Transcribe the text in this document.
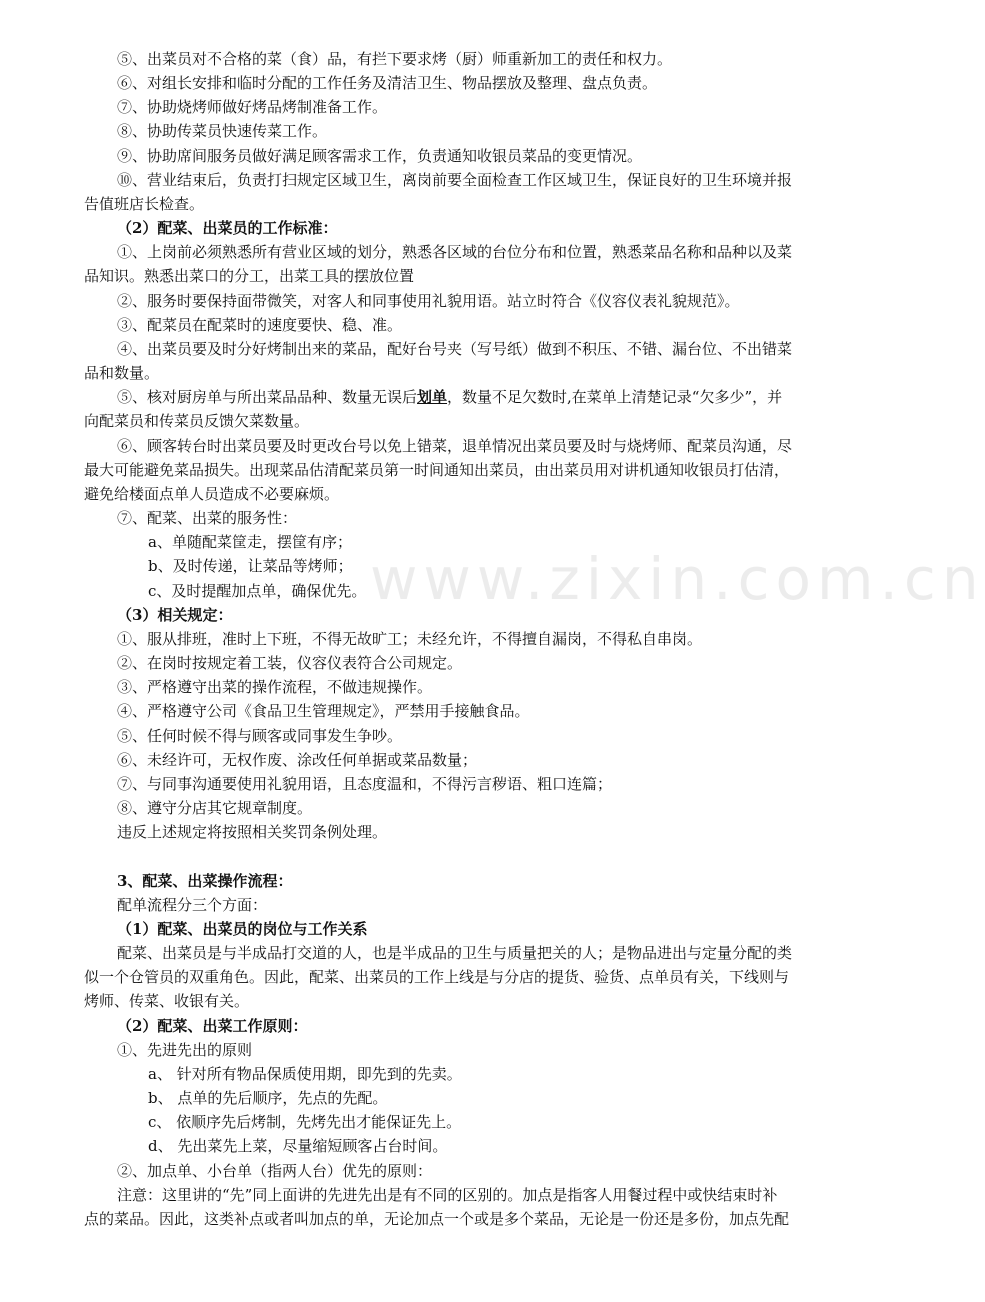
⑤、出菜员对不合格的菜（食）品，有拦下要求烤（厨）师重新加工的责任和权力。
⑥、对组长安排和临时分配的工作任务及清洁卫生、物品摆放及整理、盘点负责。
⑦、协助烧烤师做好烤品烤制准备工作。
⑧、协助传菜员快速传菜工作。
⑨、协助席间服务员做好满足顾客需求工作，负责通知收银员菜品的变更情况。
⑩、营业结束后，负责打扫规定区域卫生，离岗前要全面检查工作区域卫生，保证良好的卫生环境并报
告值班店长检查。
（2）配菜、出菜员的工作标准：
①、上岗前必须熟悉所有营业区域的划分，熟悉各区域的台位分布和位置，熟悉菜品名称和品种以及菜
品知识。熟悉出菜口的分工，出菜工具的摆放位置
②、服务时要保持面带微笑，对客人和同事使用礼貌用语。站立时符合《仪容仪表礼貌规范》。
③、配菜员在配菜时的速度要快、稳、准。
④、出菜员要及时分好烤制出来的菜品，配好台号夹（写号纸）做到不积压、不错、漏台位、不出错菜
品和数量。
⑤、核对厨房单与所出菜品品种、数量无误后划单，数量不足欠数时,在菜单上清楚记录“欠多少”，并
向配菜员和传菜员反馈欠菜数量。
⑥、顾客转台时出菜员要及时更改台号以免上错菜，退单情况出菜员要及时与烧烤师、配菜员沟通，尽
最大可能避免菜品损失。出现菜品估清配菜员第一时间通知出菜员，由出菜员用对讲机通知收银员打估清，
避免给楼面点单人员造成不必要麻烦。
⑦、配菜、出菜的服务性：
a、单随配菜筐走，摆筐有序；
b、及时传递，让菜品等烤师；
c、及时提醒加点单，确保优先。
（3）相关规定：
①、服从排班，准时上下班，不得无故旷工；未经允许，不得擅自漏岗，不得私自串岗。
②、在岗时按规定着工装，仪容仪表符合公司规定。
③、严格遵守出菜的操作流程，不做违规操作。
④、严格遵守公司《食品卫生管理规定》，严禁用手接触食品。
⑤、任何时候不得与顾客或同事发生争吵。
⑥、未经许可，无权作废、涂改任何单据或菜品数量；
⑦、与同事沟通要使用礼貌用语，且态度温和，不得污言秽语、粗口连篇；
⑧、遵守分店其它规章制度。
违反上述规定将按照相关奖罚条例处理。
3、配菜、出菜操作流程：
配单流程分三个方面：
（1）配菜、出菜员的岗位与工作关系
配菜、出菜员是与半成品打交道的人，也是半成品的卫生与质量把关的人；是物品进出与定量分配的类
似一个仓管员的双重角色。因此，配菜、出菜员的工作上线是与分店的提货、验货、点单员有关，下线则与
烤师、传菜、收银有关。
（2）配菜、出菜工作原则：
①、先进先出的原则
a、 针对所有物品保质使用期，即先到的先卖。
b、 点单的先后顺序，先点的先配。
c、 依顺序先后烤制，先烤先出才能保证先上。
d、 先出菜先上菜，尽量缩短顾客占台时间。
②、加点单、小台单（指两人台）优先的原则：
注意：这里讲的“先”同上面讲的先进先出是有不同的区别的。加点是指客人用餐过程中或快结束时补
点的菜品。因此，这类补点或者叫加点的单，无论加点一个或是多个菜品，无论是一份还是多份，加点先配
www.zixin.com.cn
